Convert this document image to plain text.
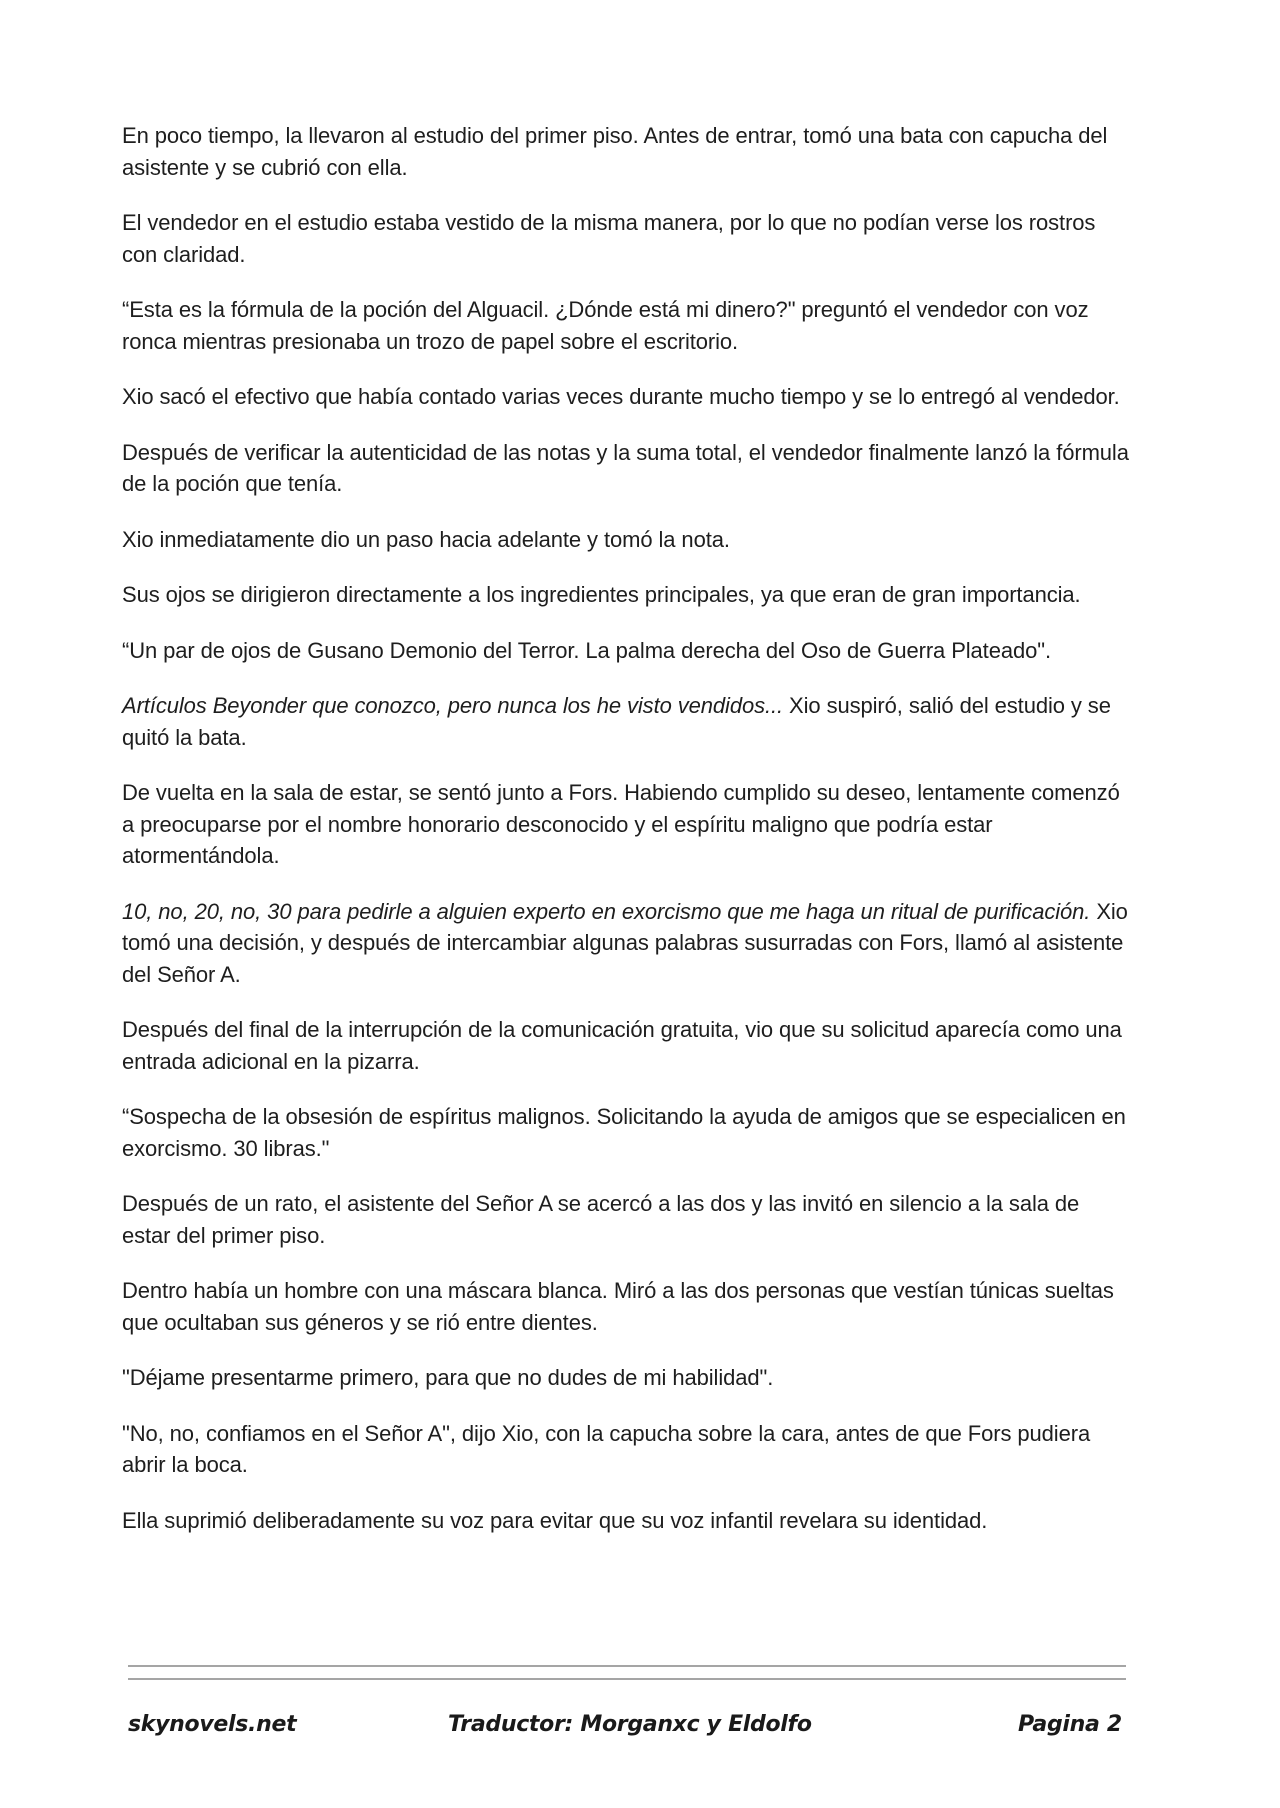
En poco tiempo, la llevaron al estudio del primer piso. Antes de entrar, tomó una bata con capucha del asistente y se cubrió con ella.

El vendedor en el estudio estaba vestido de la misma manera, por lo que no podían verse los rostros con claridad.

“Esta es la fórmula de la poción del Alguacil. ¿Dónde está mi dinero?" preguntó el vendedor con voz ronca mientras presionaba un trozo de papel sobre el escritorio.

Xio sacó el efectivo que había contado varias veces durante mucho tiempo y se lo entregó al vendedor.

Después de verificar la autenticidad de las notas y la suma total, el vendedor finalmente lanzó la fórmula de la poción que tenía.

Xio inmediatamente dio un paso hacia adelante y tomó la nota.

Sus ojos se dirigieron directamente a los ingredientes principales, ya que eran de gran importancia.

“Un par de ojos de Gusano Demonio del Terror. La palma derecha del Oso de Guerra Plateado".

Artículos Beyonder que conozco, pero nunca los he visto vendidos... Xio suspiró, salió del estudio y se quitó la bata.

De vuelta en la sala de estar, se sentó junto a Fors. Habiendo cumplido su deseo, lentamente comenzó a preocuparse por el nombre honorario desconocido y el espíritu maligno que podría estar atormentándola.

10, no, 20, no, 30 para pedirle a alguien experto en exorcismo que me haga un ritual de purificación. Xio tomó una decisión, y después de intercambiar algunas palabras susurradas con Fors, llamó al asistente del Señor A.

Después del final de la interrupción de la comunicación gratuita, vio que su solicitud aparecía como una entrada adicional en la pizarra.

“Sospecha de la obsesión de espíritus malignos. Solicitando la ayuda de amigos que se especialicen en exorcismo. 30 libras."

Después de un rato, el asistente del Señor A se acercó a las dos y las invitó en silencio a la sala de estar del primer piso.

Dentro había un hombre con una máscara blanca. Miró a las dos personas que vestían túnicas sueltas que ocultaban sus géneros y se rió entre dientes.

"Déjame presentarme primero, para que no dudes de mi habilidad".

"No, no, confiamos en el Señor A", dijo Xio, con la capucha sobre la cara, antes de que Fors pudiera abrir la boca.

Ella suprimió deliberadamente su voz para evitar que su voz infantil revelara su identidad.

skynovels.net	Traductor: Morganxc y Eldolfo	Pagina 2
